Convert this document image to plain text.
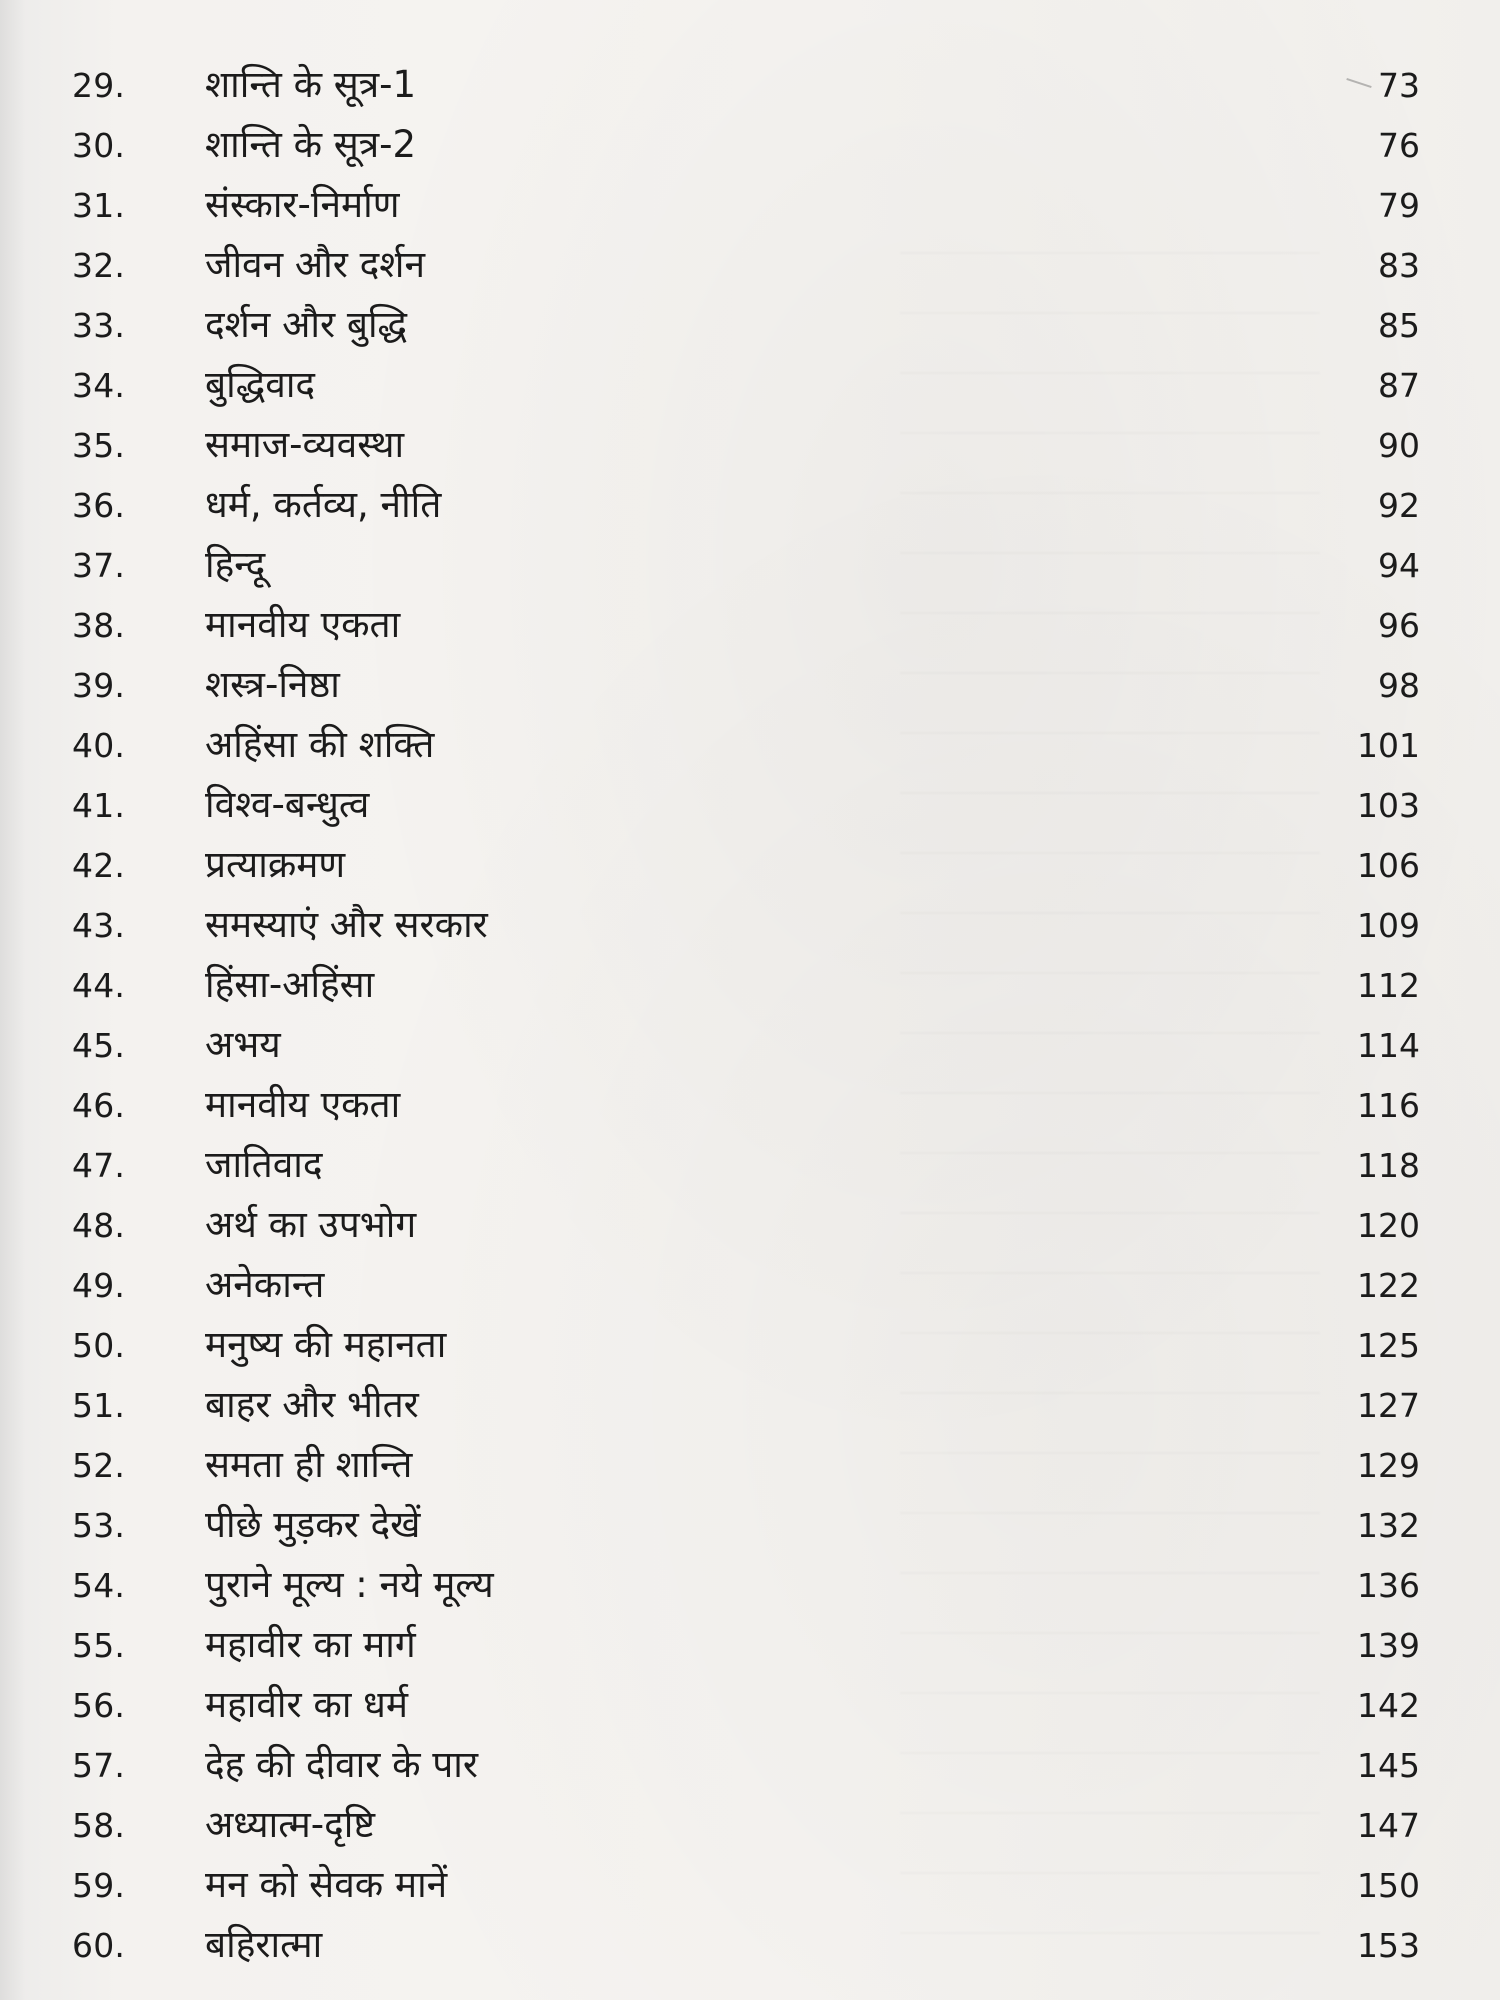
29.	शान्ति के सूत्र-1	73
30.	शान्ति के सूत्र-2	76
31.	संस्कार-निर्माण	79
32.	जीवन और दर्शन	83
33.	दर्शन और बुद्धि	85
34.	बुद्धिवाद	87
35.	समाज-व्यवस्था	90
36.	धर्म, कर्तव्य, नीति	92
37.	हिन्दू	94
38.	मानवीय एकता	96
39.	शस्त्र-निष्ठा	98
40.	अहिंसा की शक्ति	101
41.	विश्व-बन्धुत्व	103
42.	प्रत्याक्रमण	106
43.	समस्याएं और सरकार	109
44.	हिंसा-अहिंसा	112
45.	अभय	114
46.	मानवीय एकता	116
47.	जातिवाद	118
48.	अर्थ का उपभोग	120
49.	अनेकान्त	122
50.	मनुष्य की महानता	125
51.	बाहर और भीतर	127
52.	समता ही शान्ति	129
53.	पीछे मुड़कर देखें	132
54.	पुराने मूल्य : नये मूल्य	136
55.	महावीर का मार्ग	139
56.	महावीर का धर्म	142
57.	देह की दीवार के पार	145
58.	अध्यात्म-दृष्टि	147
59.	मन को सेवक मानें	150
60.	बहिरात्मा	153
